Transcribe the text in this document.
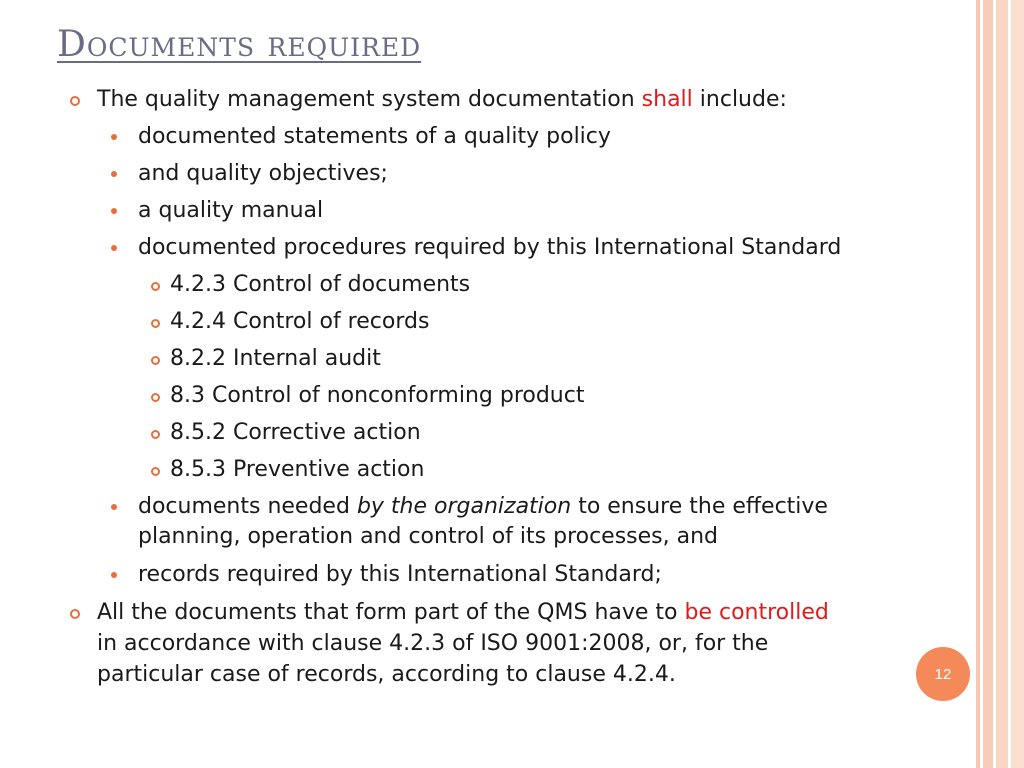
Documents required
The quality management system documentation shall include:
documented statements of a quality policy
and quality objectives;
a quality manual
documented procedures required by this International Standard
4.2.3 Control of documents
4.2.4 Control of records
8.2.2 Internal audit
8.3 Control of nonconforming product
8.5.2 Corrective action
8.5.3 Preventive action
documents needed by the organization to ensure the effective
planning, operation and control of its processes, and
records required by this International Standard;
All the documents that form part of the QMS have to be controlled
in accordance with clause 4.2.3 of ISO 9001:2008, or, for the
particular case of records, according to clause 4.2.4.	12
